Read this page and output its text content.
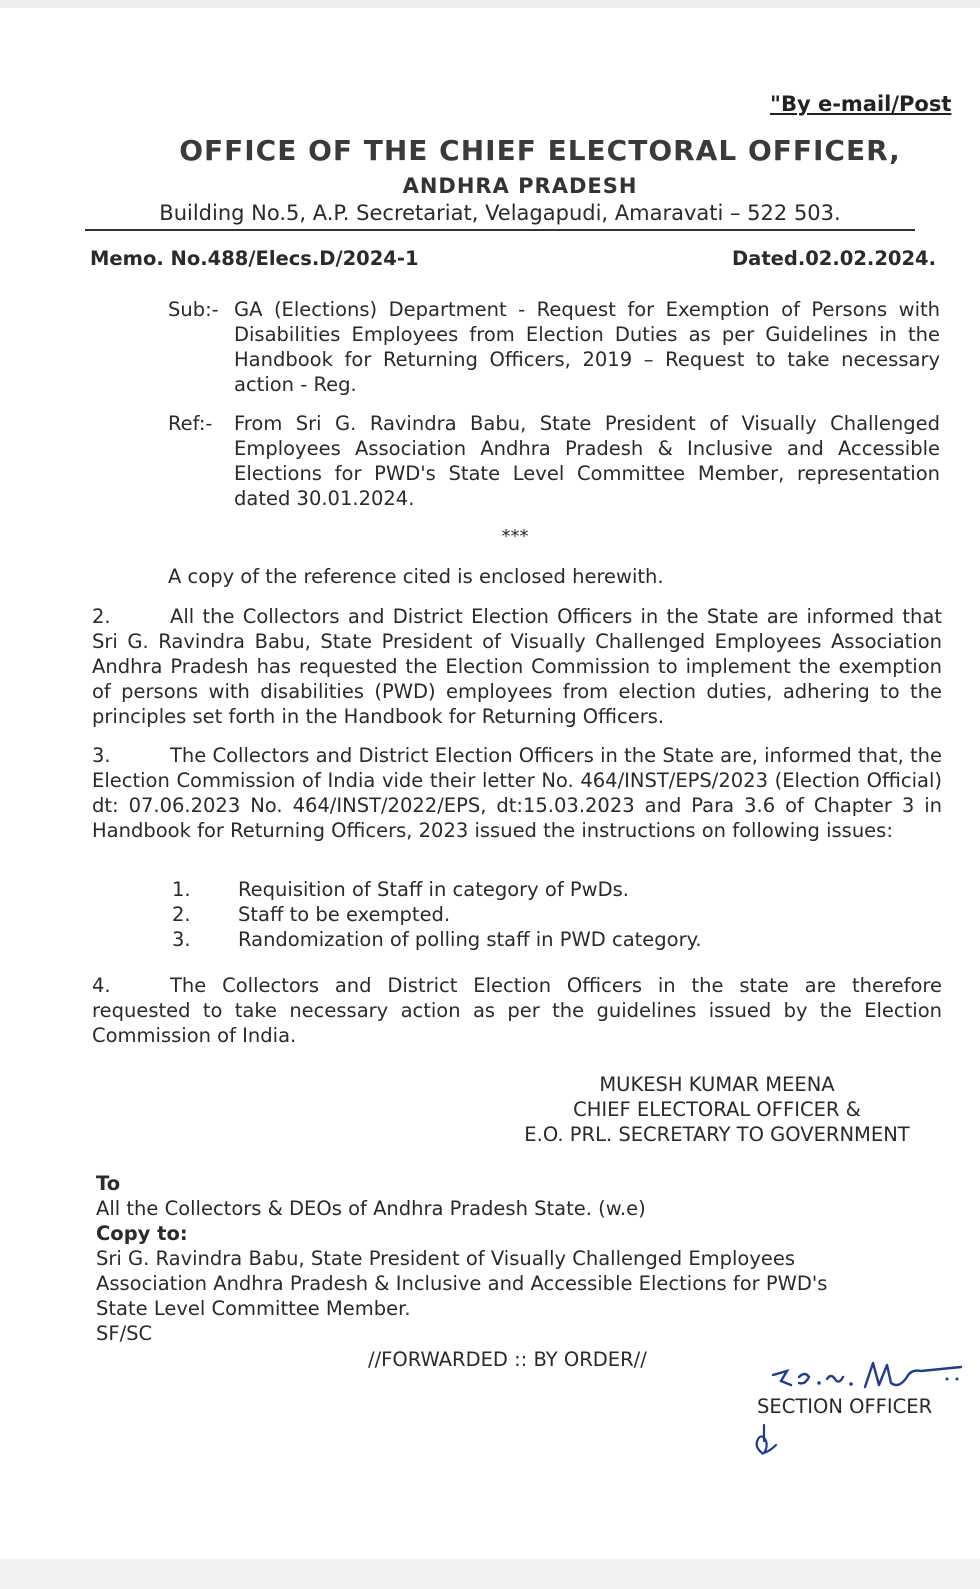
"By e-mail/Post
OFFICE OF THE CHIEF ELECTORAL OFFICER,
ANDHRA PRADESH
Building No.5, A.P. Secretariat, Velagapudi, Amaravati – 522 503.
Memo. No.488/Elecs.D/2024-1	Dated.02.02.2024.
Sub:- GA (Elections) Department - Request for Exemption of Persons with Disabilities Employees from Election Duties as per Guidelines in the Handbook for Returning Officers, 2019 – Request to take necessary action - Reg.
Ref:-	From Sri G. Ravindra Babu, State President of Visually Challenged Employees Association Andhra Pradesh & Inclusive and Accessible Elections for PWD's State Level Committee Member, representation dated 30.01.2024.
***
A copy of the reference cited is enclosed herewith.
2.	All the Collectors and District Election Officers in the State are informed that Sri G. Ravindra Babu, State President of Visually Challenged Employees Association Andhra Pradesh has requested the Election Commission to implement the exemption of persons with disabilities (PWD) employees from election duties, adhering to the principles set forth in the Handbook for Returning Officers.
3.	The Collectors and District Election Officers in the State are, informed that, the Election Commission of India vide their letter No. 464/INST/EPS/2023 (Election Official) dt: 07.06.2023 No. 464/INST/2022/EPS, dt:15.03.2023 and Para 3.6 of Chapter 3 in Handbook for Returning Officers, 2023 issued the instructions on following issues:
1.	Requisition of Staff in category of PwDs.
2.	Staff to be exempted.
3.	Randomization of polling staff in PWD category.
4.	The Collectors and District Election Officers in the state are therefore requested to take necessary action as per the guidelines issued by the Election Commission of India.
MUKESH KUMAR MEENA
CHIEF ELECTORAL OFFICER &
E.O. PRL. SECRETARY TO GOVERNMENT
To
All the Collectors & DEOs of Andhra Pradesh State. (w.e)
Copy to:
Sri G. Ravindra Babu, State President of Visually Challenged Employees
Association Andhra Pradesh & Inclusive and Accessible Elections for PWD's
State Level Committee Member.
SF/SC
//FORWARDED :: BY ORDER//
SECTION OFFICER
